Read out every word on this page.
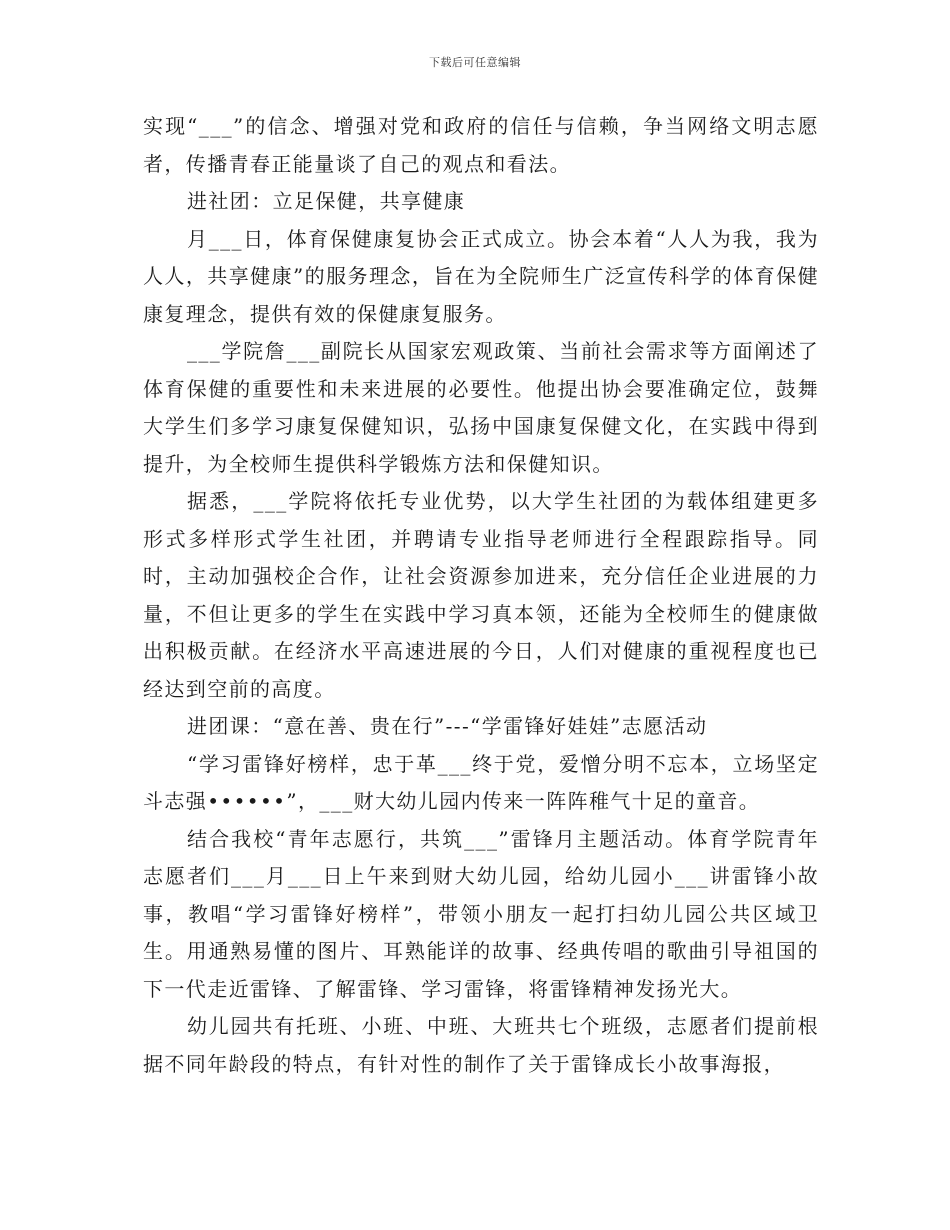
下载后可任意编辑

实现“___”的信念、增强对党和政府的信任与信赖，争当网络文明志愿者，传播青春正能量谈了自己的观点和看法。

进社团：立足保健，共享健康

月___日，体育保健康复协会正式成立。协会本着“人人为我，我为人人，共享健康”的服务理念，旨在为全院师生广泛宣传科学的体育保健康复理念，提供有效的保健康复服务。

___学院詹___副院长从国家宏观政策、当前社会需求等方面阐述了体育保健的重要性和未来进展的必要性。他提出协会要准确定位，鼓舞大学生们多学习康复保健知识，弘扬中国康复保健文化，在实践中得到提升，为全校师生提供科学锻炼方法和保健知识。

据悉，___学院将依托专业优势，以大学生社团的为载体组建更多形式多样形式学生社团，并聘请专业指导老师进行全程跟踪指导。同时，主动加强校企合作，让社会资源参加进来，充分信任企业进展的力量，不但让更多的学生在实践中学习真本领，还能为全校师生的健康做出积极贡献。在经济水平高速进展的今日，人们对健康的重视程度也已经达到空前的高度。

进团课：“意在善、贵在行”---“学雷锋好娃娃”志愿活动

“学习雷锋好榜样，忠于革___终于党，爱憎分明不忘本，立场坚定斗志强••••••”，___财大幼儿园内传来一阵阵稚气十足的童音。

结合我校“青年志愿行，共筑___”雷锋月主题活动。体育学院青年志愿者们___月___日上午来到财大幼儿园，给幼儿园小___讲雷锋小故事，教唱“学习雷锋好榜样”，带领小朋友一起打扫幼儿园公共区域卫生。用通熟易懂的图片、耳熟能详的故事、经典传唱的歌曲引导祖国的下一代走近雷锋、了解雷锋、学习雷锋，将雷锋精神发扬光大。

幼儿园共有托班、小班、中班、大班共七个班级，志愿者们提前根据不同年龄段的特点，有针对性的制作了关于雷锋成长小故事海报，
